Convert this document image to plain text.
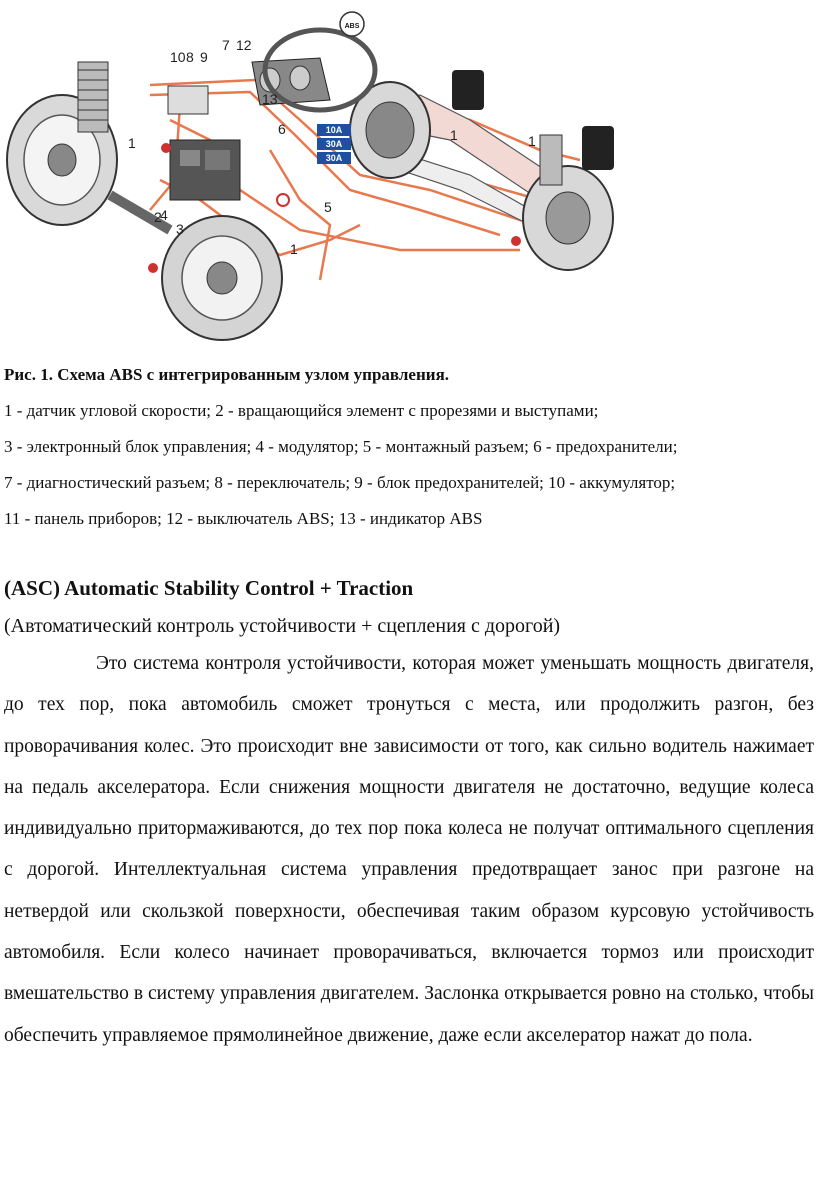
ABS
10A
30A
30A
1	1	1
1
2
3
4	5
6
7
8 9
10
12
13
Рис. 1. Схема ABS с интегрированным узлом управления.
1 - датчик угловой скорости; 2 - вращающийся элемент с прорезями и выступами;
3 - электронный блок управления; 4 - модулятор; 5 - монтажный разъем; 6 - предохранители;
7 - диагностический разъем; 8 - переключатель; 9 - блок предохранителей; 10 - аккумулятор;
11 - панель приборов; 12 - выключатель ABS; 13 - индикатор ABS
(ASC) Automatic Stability Control + Traction
(Автоматический контроль устойчивости + сцепления с дорогой)
Это система контроля устойчивости, которая может уменьшать мощность двигателя, до тех пор, пока автомобиль сможет тронуться с места, или продолжить разгон, без проворачивания колес. Это происходит вне зависимости от того, как сильно водитель нажимает на педаль акселератора. Если снижения мощности двигателя не достаточно, ведущие колеса индивидуально притормаживаются, до тех пор пока колеса не получат оптимального сцепления с дорогой. Интеллектуальная система управления предотвращает занос при разгоне на нетвердой или скользкой поверхности, обеспечивая таким образом курсовую устойчивость автомобиля. Если колесо начинает проворачиваться, включается тормоз или происходит вмешательство в систему управления двигателем. Заслонка открывается ровно на столько, чтобы обеспечить управляемое прямолинейное движение, даже если акселератор нажат до пола.
